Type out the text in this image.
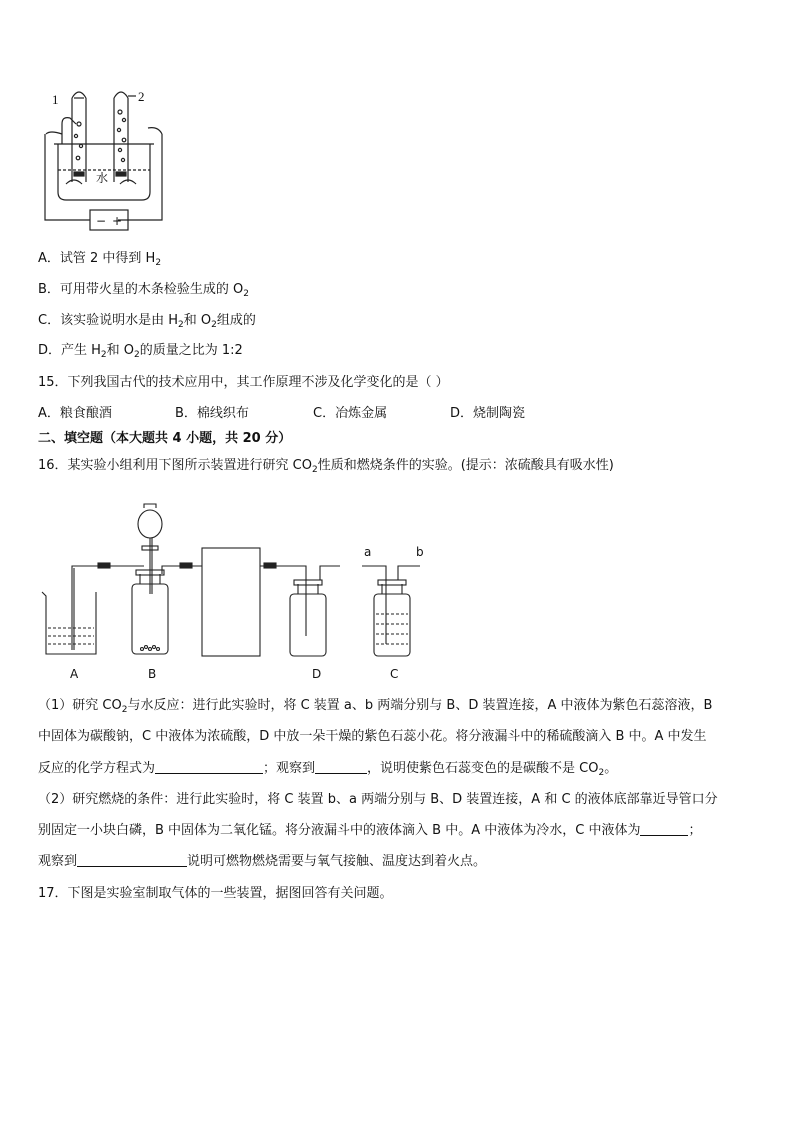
1	2
水
− +
A．试管 2 中得到 $H_2$
B．可用带火星的木条检验生成的 $O_2$
C．该实验说明水是由 $H_2$和 $O_2$组成的
D．产生 $H_2$和 $O_2$的质量之比为 1:2
15．下列我国古代的技术应用中，其工作原理不涉及化学变化的是（ ）
A．粮食酿酒	B．棉线织布	C．冶炼金属	D．烧制陶瓷
二、填空题（本大题共 4 小题，共 20 分）
16．某实验小组利用下图所示装置进行研究 $CO_2$性质和燃烧条件的实验。(提示：浓硫酸具有吸水性)
A	B	D	C
a	b
（1）研究 $CO_2$与水反应：进行此实验时，将 C 装置 a、b 两端分别与 B、D 装置连接，A 中液体为紫色石蕊溶液，B
中固体为碳酸钠，C 中液体为浓硫酸，D 中放一朵干燥的紫色石蕊小花。将分液漏斗中的稀硫酸滴入 B 中。A 中发生
反应的化学方程式为	；观察到	，说明使紫色石蕊变色的是碳酸不是 $CO_2$。
（2）研究燃烧的条件：进行此实验时，将 C 装置 b、a 两端分别与 B、D 装置连接，A 和 C 的液体底部靠近导管口分
别固定一小块白磷，B 中固体为二氧化锰。将分液漏斗中的液体滴入 B 中。A 中液体为冷水，C 中液体为	；
观察到	说明可燃物燃烧需要与氧气接触、温度达到着火点。
17．下图是实验室制取气体的一些装置，据图回答有关问题。
